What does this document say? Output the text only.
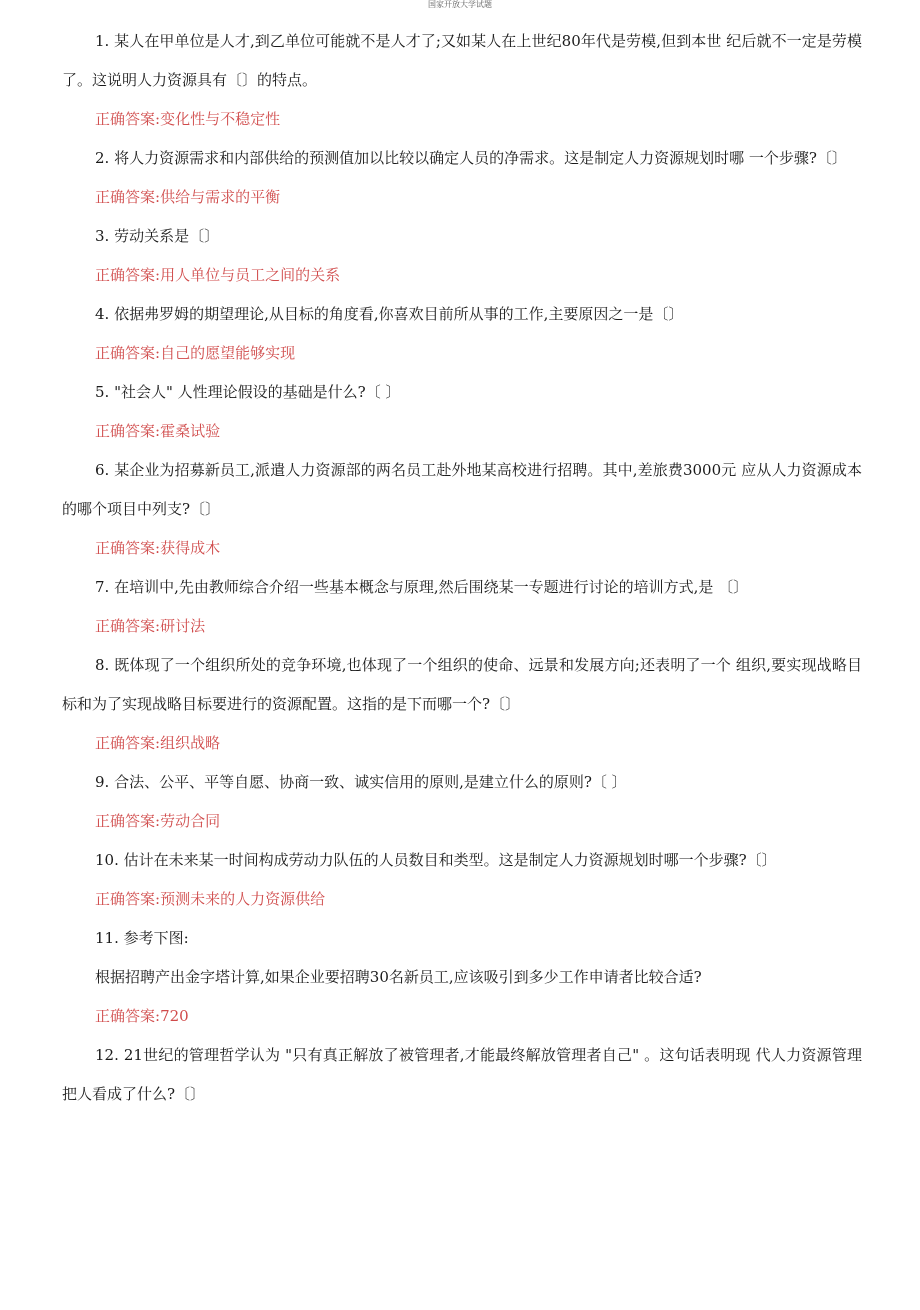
国家开放大学试题

1. 某人在甲单位是人才,到乙单位可能就不是人才了;又如某人在上世纪80年代是劳模,但到本世 纪后就不一定是劳模了。这说明人力资源具有〔〕的特点。

正确答案:变化性与不稳定性

2. 将人力资源需求和内部供给的预测值加以比较以确定人员的净需求。这是制定人力资源规划时哪 一个步骤?〔〕

正确答案:供给与需求的平衡

3. 劳动关系是〔〕

正确答案:用人单位与员工之间的关系

4. 依据弗罗姆的期望理论,从目标的角度看,你喜欢目前所从事的工作,主要原因之一是〔〕

正确答案:自己的愿望能够实现

5. "社会人" 人性理论假设的基础是什么?〔 〕

正确答案:霍桑试验

6. 某企业为招募新员工,派遣人力资源部的两名员工赴外地某高校进行招聘。其中,差旅费3000元 应从人力资源成本的哪个项目中列支?〔〕

正确答案:获得成木

7. 在培训中,先由教师综合介绍一些基本概念与原理,然后围绕某一专题进行讨论的培训方式,是 〔〕

正确答案:研讨法

8. 既体现了一个组织所处的竞争环境,也体现了一个组织的使命、远景和发展方向;还表明了一个 组织,要实现战略目标和为了实现战略目标要进行的资源配置。这指的是下而哪一个?〔〕

正确答案:组织战略

9. 合法、公平、平等自愿、协商一致、诚实信用的原则,是建立什么的原则?〔 〕

正确答案:劳动合同

10. 估计在未来某一时间构成劳动力队伍的人员数目和类型。这是制定人力资源规划时哪一个步骤?〔〕

正确答案:预测未来的人力资源供给

11. 参考下图:

根据招聘产出金字塔计算,如果企业要招聘30名新员工,应该吸引到多少工作申请者比较合适?

正确答案:720

12. 21世纪的管理哲学认为 "只有真正解放了被管理者,才能最终解放管理者自己" 。这句话表明现 代人力资源管理把人看成了什么?〔〕
